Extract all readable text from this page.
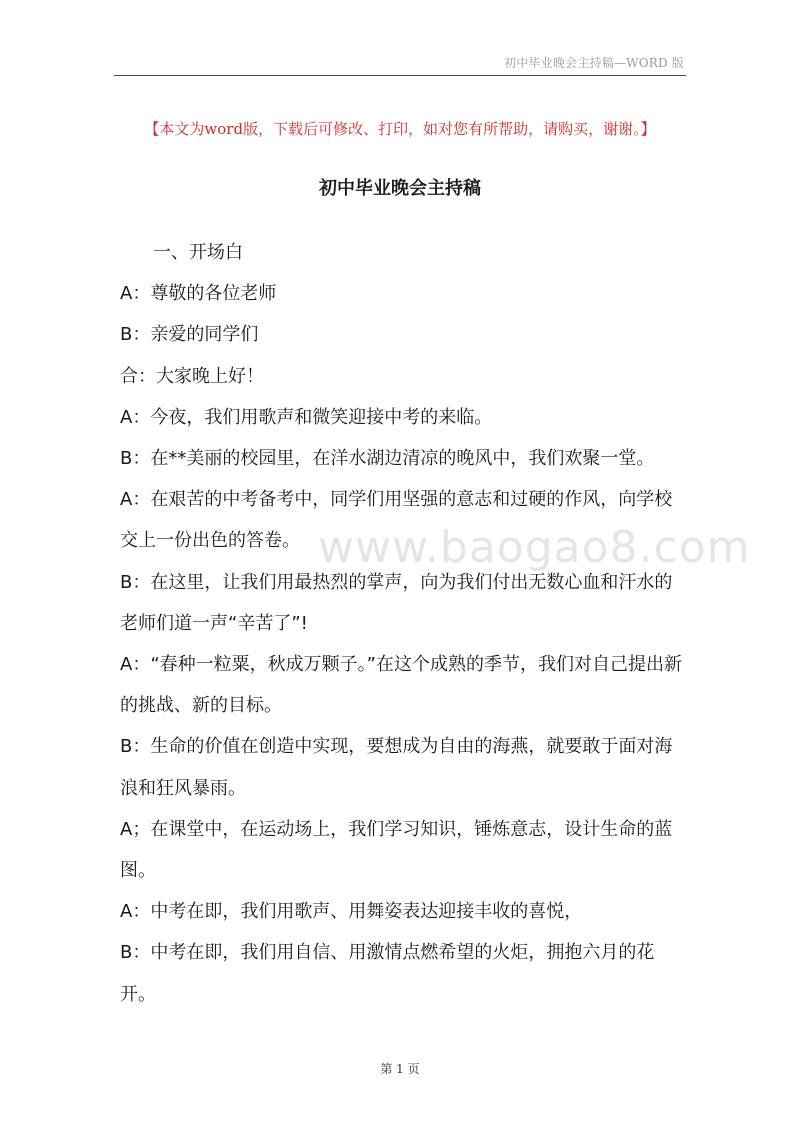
初中毕业晚会主持稿—WORD 版
【本文为word版，下载后可修改、打印，如对您有所帮助，请购买，谢谢。】
初中毕业晚会主持稿

一、开场白

A：尊敬的各位老师

B：亲爱的同学们

合：大家晚上好！

A：今夜，我们用歌声和微笑迎接中考的来临。

B：在**美丽的校园里，在洋水湖边清凉的晚风中，我们欢聚一堂。

A：在艰苦的中考备考中，同学们用坚强的意志和过硬的作风，向学校交上一份出色的答卷。

B：在这里，让我们用最热烈的掌声，向为我们付出无数心血和汗水的老师们道一声“辛苦了”!

A：“春种一粒粟，秋成万颗子。”在这个成熟的季节，我们对自己提出新的挑战、新的目标。

B：生命的价值在创造中实现，要想成为自由的海燕，就要敢于面对海浪和狂风暴雨。

A；在课堂中，在运动场上，我们学习知识，锤炼意志，设计生命的蓝图。

A：中考在即，我们用歌声、用舞姿表达迎接丰收的喜悦，

B：中考在即，我们用自信、用激情点燃希望的火炬，拥抱六月的花开。

www.baogao8.com
第 1 页
